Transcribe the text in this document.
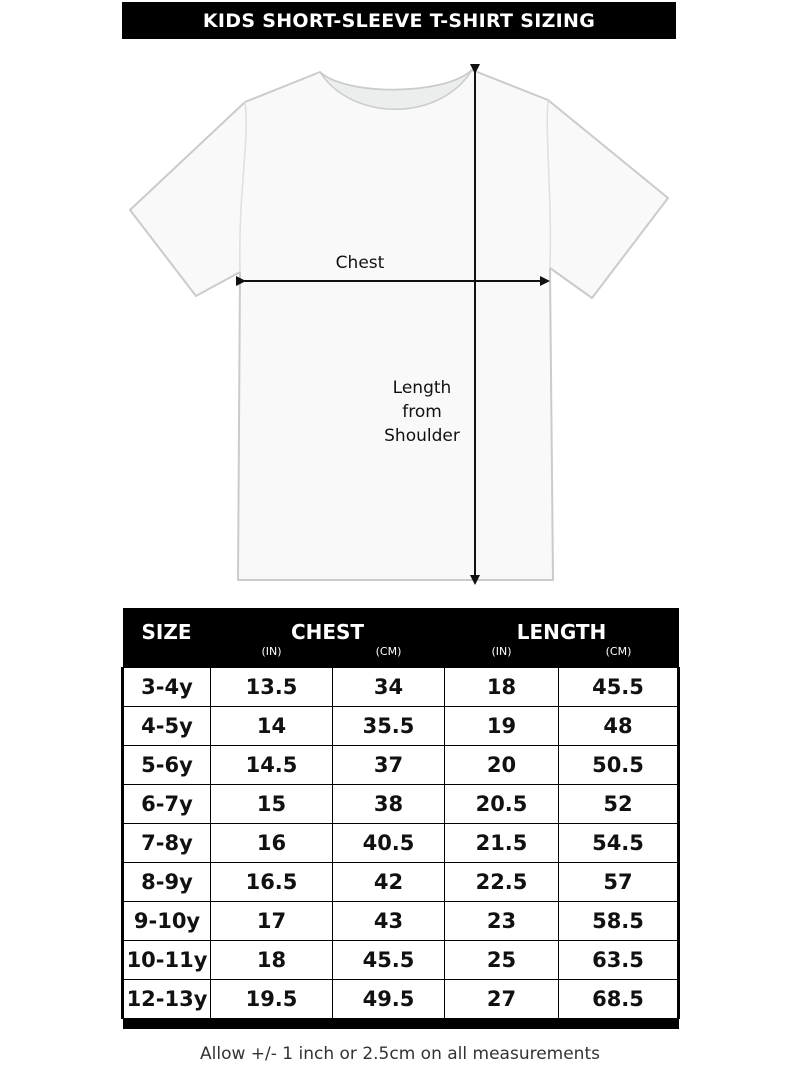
KIDS SHORT-SLEEVE T-SHIRT SIZING
Chest
Length
from
Shoulder
SIZE	CHEST		LENGTH	
	(IN)	(CM)	(IN)	(CM)
3-4y	13.5	34	18	45.5
4-5y	14	35.5	19	48
5-6y	14.5	37	20	50.5
6-7y	15	38	20.5	52
7-8y	16	40.5	21.5	54.5
8-9y	16.5	42	22.5	57
9-10y	17	43	23	58.5
10-11y	18	45.5	25	63.5
12-13y	19.5	49.5	27	68.5

Allow +/- 1 inch or 2.5cm on all measurements
